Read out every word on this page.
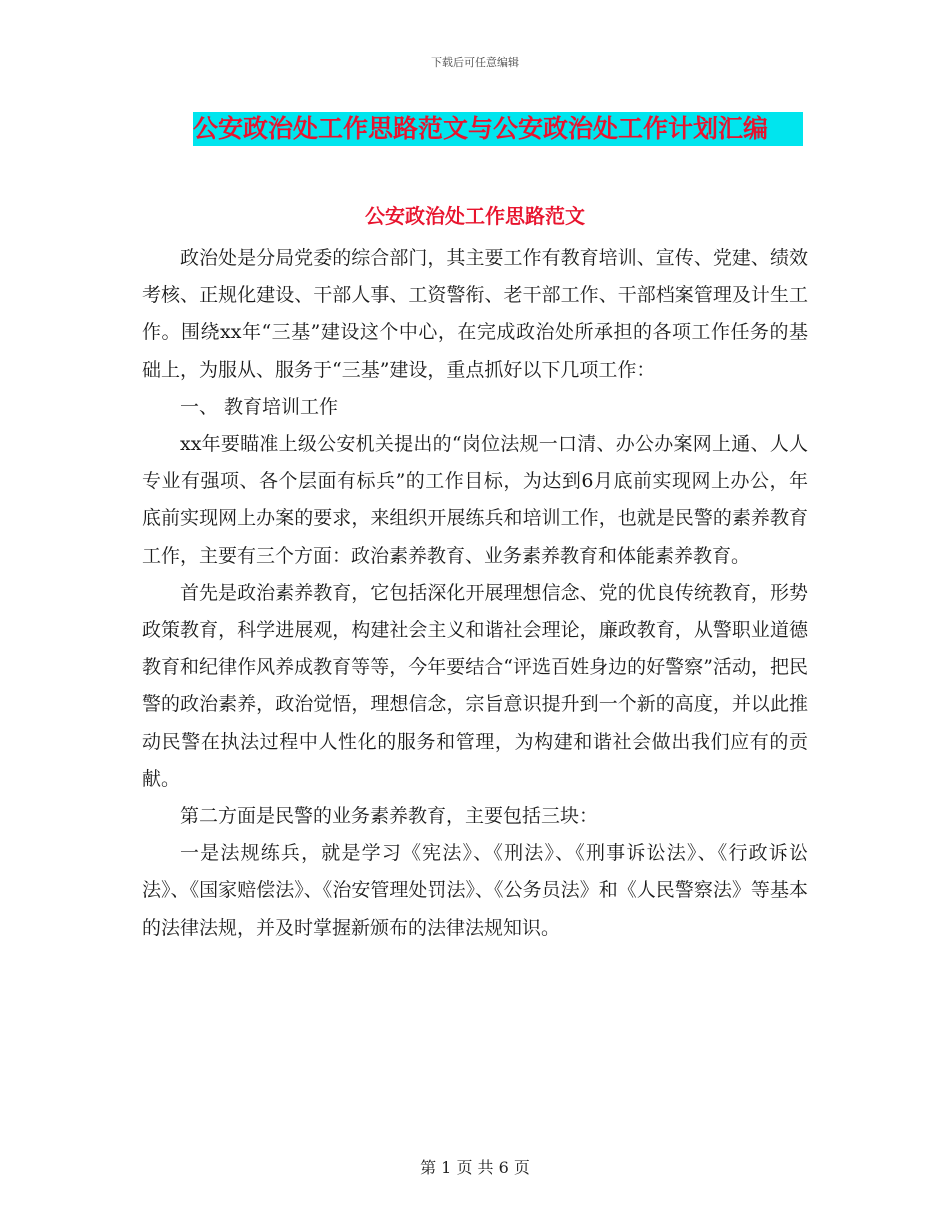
下载后可任意编辑
公安政治处工作思路范文与公安政治处工作计划汇编
公安政治处工作思路范文

政治处是分局党委的综合部门，其主要工作有教育培训、宣传、党建、绩效考核、正规化建设、干部人事、工资警衔、老干部工作、干部档案管理及计生工作。围绕xx年“三基”建设这个中心，在完成政治处所承担的各项工作任务的基础上，为服从、服务于“三基”建设，重点抓好以下几项工作：

一、 教育培训工作

xx年要瞄准上级公安机关提出的“岗位法规一口清、办公办案网上通、人人专业有强项、各个层面有标兵”的工作目标，为达到6月底前实现网上办公，年底前实现网上办案的要求，来组织开展练兵和培训工作，也就是民警的素养教育工作，主要有三个方面：政治素养教育、业务素养教育和体能素养教育。

首先是政治素养教育，它包括深化开展理想信念、党的优良传统教育，形势政策教育，科学进展观，构建社会主义和谐社会理论，廉政教育，从警职业道德教育和纪律作风养成教育等等，今年要结合“评选百姓身边的好警察”活动，把民警的政治素养，政治觉悟，理想信念，宗旨意识提升到一个新的高度，并以此推动民警在执法过程中人性化的服务和管理，为构建和谐社会做出我们应有的贡献。

第二方面是民警的业务素养教育，主要包括三块：

一是法规练兵，就是学习《宪法》、《刑法》、《刑事诉讼法》、《行政诉讼法》、《国家赔偿法》、《治安管理处罚法》、《公务员法》和《人民警察法》等基本的法律法规，并及时掌握新颁布的法律法规知识。

第 1 页 共 6 页
